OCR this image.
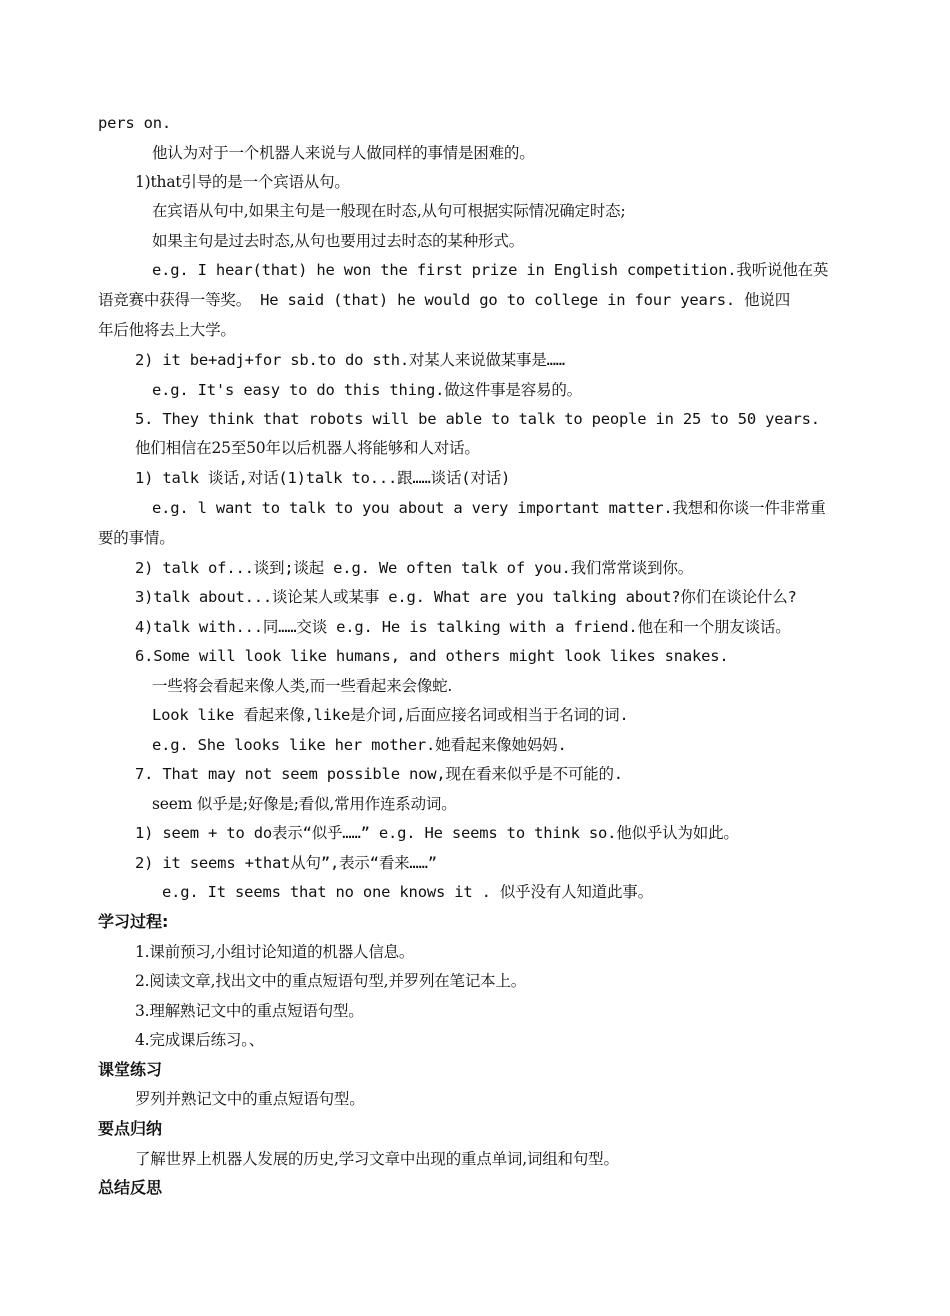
pers on.
他认为对于一个机器人来说与人做同样的事情是困难的。
1)that引导的是一个宾语从句。
在宾语从句中,如果主句是一般现在时态,从句可根据实际情况确定时态;
如果主句是过去时态,从句也要用过去时态的某种形式。
e.g. I hear(that) he won the first prize in English competition.我听说他在英
语竞赛中获得一等奖。 He said (that) he would go to college in four years. 他说四
年后他将去上大学。
2) it be+adj+for sb.to do sth.对某人来说做某事是……
e.g. It's easy to do this thing.做这件事是容易的。
5. They think that robots will be able to talk to people in 25 to 50 years.
他们相信在25至50年以后机器人将能够和人对话。
1) talk 谈话,对话(1)talk to...跟……谈话(对话)
e.g. l want to talk to you about a very important matter.我想和你谈一件非常重
要的事情。
2) talk of...谈到;谈起 e.g. We often talk of you.我们常常谈到你。
3)talk about...谈论某人或某事 e.g. What are you talking about?你们在谈论什么?
4)talk with...同……交谈 e.g. He is talking with a friend.他在和一个朋友谈话。
6.Some will look like humans, and others might look likes snakes.
一些将会看起来像人类,而一些看起来会像蛇.
Look like 看起来像,like是介词,后面应接名词或相当于名词的词.
e.g. She looks like her mother.她看起来像她妈妈.
7. That may not seem possible now,现在看来似乎是不可能的.
seem 似乎是;好像是;看似,常用作连系动词。
1) seem + to do表示“似乎……” e.g. He seems to think so.他似乎认为如此。
2) it seems +that从句”,表示“看来……”
e.g. It seems that no one knows it . 似乎没有人知道此事。
学习过程:
1.课前预习,小组讨论知道的机器人信息。
2.阅读文章,找出文中的重点短语句型,并罗列在笔记本上。
3.理解熟记文中的重点短语句型。
4.完成课后练习。、
课堂练习
罗列并熟记文中的重点短语句型。
要点归纳
了解世界上机器人发展的历史,学习文章中出现的重点单词,词组和句型。
总结反思
